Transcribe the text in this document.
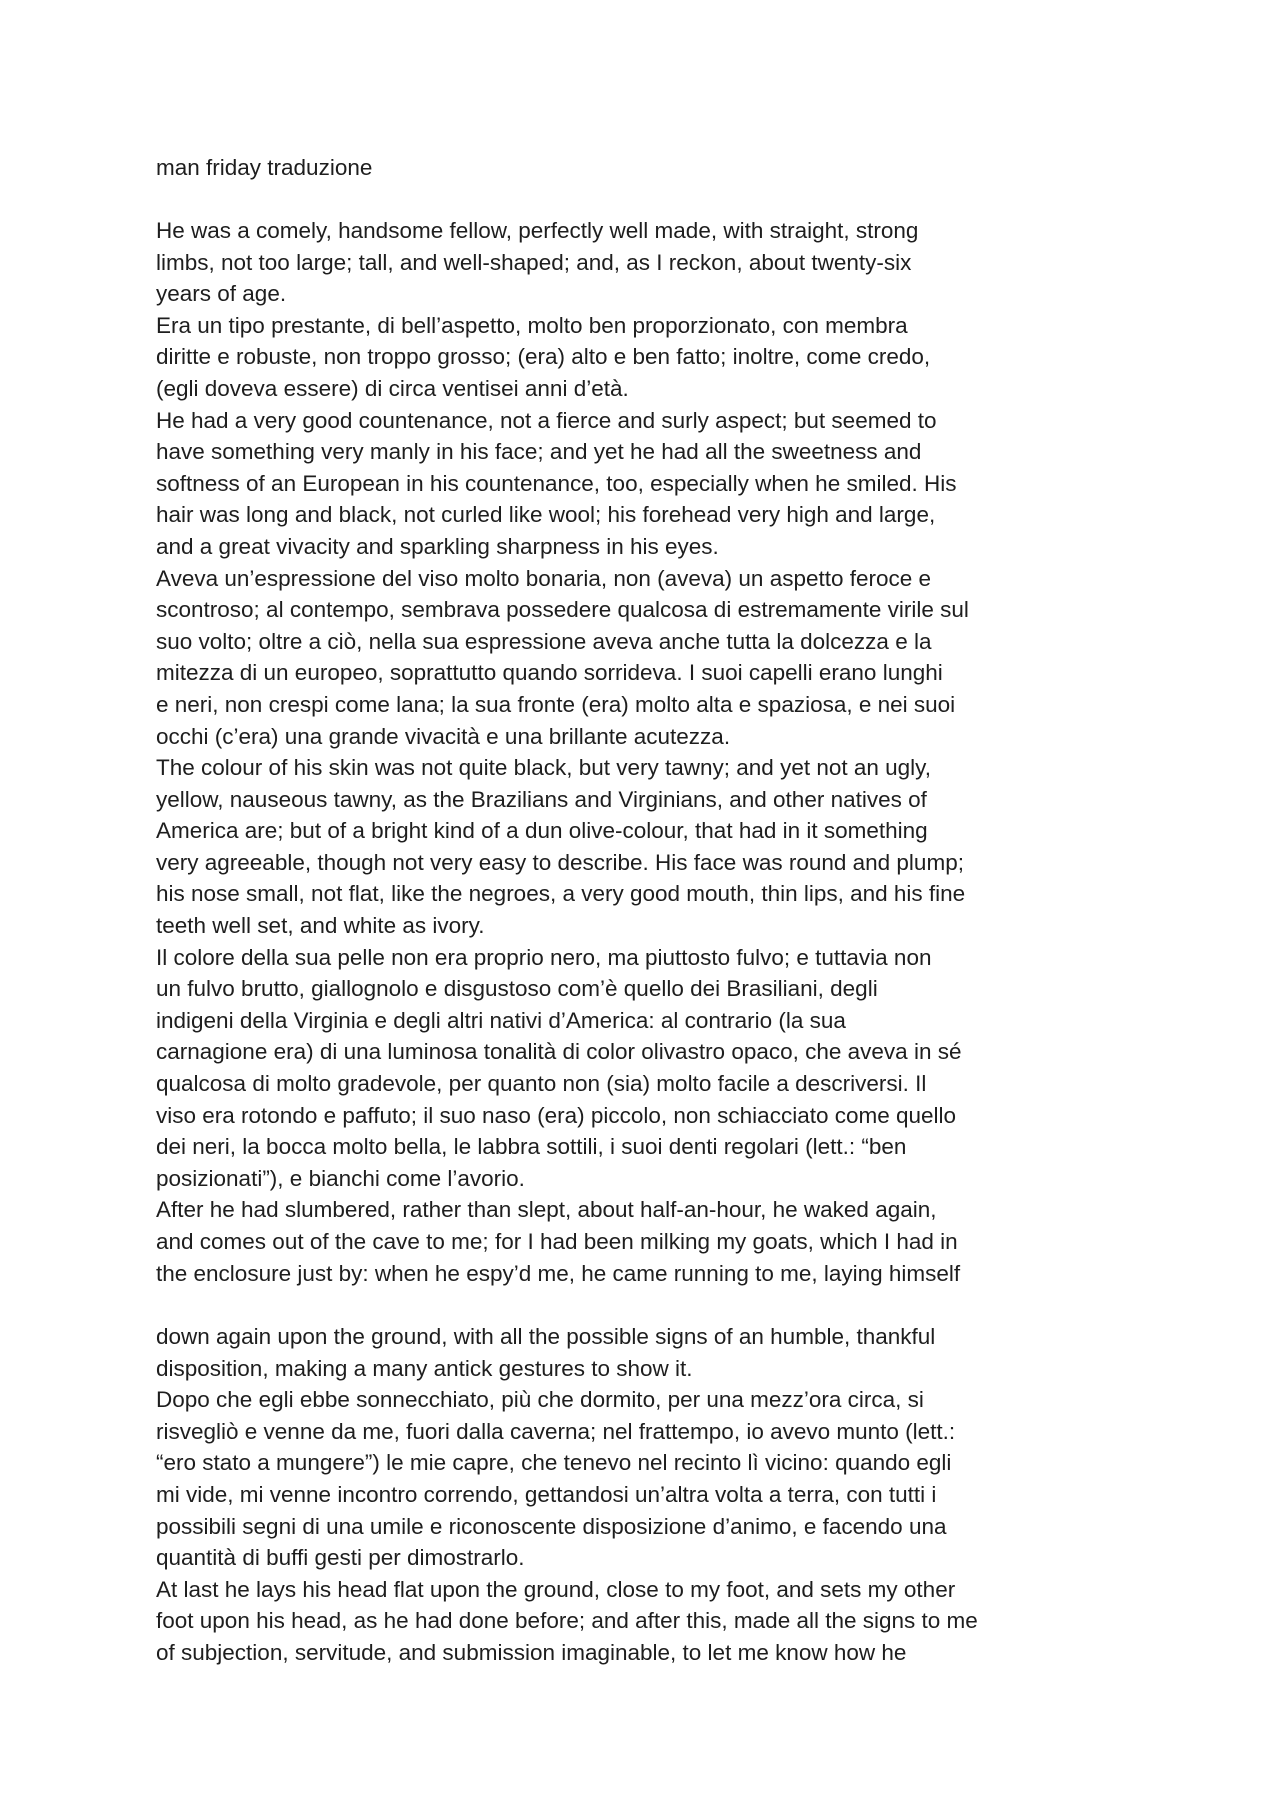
man friday traduzione
He was a comely, handsome fellow, perfectly well made, with straight, strong
limbs, not too large; tall, and well-shaped; and, as I reckon, about twenty-six
years of age.
Era un tipo prestante, di bell’aspetto, molto ben proporzionato, con membra
diritte e robuste, non troppo grosso; (era) alto e ben fatto; inoltre, come credo,
(egli doveva essere) di circa ventisei anni d’età.
He had a very good countenance, not a fierce and surly aspect; but seemed to
have something very manly in his face; and yet he had all the sweetness and
softness of an European in his countenance, too, especially when he smiled. His
hair was long and black, not curled like wool; his forehead very high and large,
and a great vivacity and sparkling sharpness in his eyes.
Aveva un’espressione del viso molto bonaria, non (aveva) un aspetto feroce e
scontroso; al contempo, sembrava possedere qualcosa di estremamente virile sul
suo volto; oltre a ciò, nella sua espressione aveva anche tutta la dolcezza e la
mitezza di un europeo, soprattutto quando sorrideva. I suoi capelli erano lunghi
e neri, non crespi come lana; la sua fronte (era) molto alta e spaziosa, e nei suoi
occhi (c’era) una grande vivacità e una brillante acutezza.
The colour of his skin was not quite black, but very tawny; and yet not an ugly,
yellow, nauseous tawny, as the Brazilians and Virginians, and other natives of
America are; but of a bright kind of a dun olive-colour, that had in it something
very agreeable, though not very easy to describe. His face was round and plump;
his nose small, not flat, like the negroes, a very good mouth, thin lips, and his fine
teeth well set, and white as ivory.
Il colore della sua pelle non era proprio nero, ma piuttosto fulvo; e tuttavia non
un fulvo brutto, giallognolo e disgustoso com’è quello dei Brasiliani, degli
indigeni della Virginia e degli altri nativi d’America: al contrario (la sua
carnagione era) di una luminosa tonalità di color olivastro opaco, che aveva in sé
qualcosa di molto gradevole, per quanto non (sia) molto facile a descriversi. Il
viso era rotondo e paffuto; il suo naso (era) piccolo, non schiacciato come quello
dei neri, la bocca molto bella, le labbra sottili, i suoi denti regolari (lett.: “ben
posizionati”), e bianchi come l’avorio.
After he had slumbered, rather than slept, about half-an-hour, he waked again,
and comes out of the cave to me; for I had been milking my goats, which I had in
the enclosure just by: when he espy’d me, he came running to me, laying himself
down again upon the ground, with all the possible signs of an humble, thankful
disposition, making a many antick gestures to show it.
Dopo che egli ebbe sonnecchiato, più che dormito, per una mezz’ora circa, si
risvegliò e venne da me, fuori dalla caverna; nel frattempo, io avevo munto (lett.:
“ero stato a mungere”) le mie capre, che tenevo nel recinto lì vicino: quando egli
mi vide, mi venne incontro correndo, gettandosi un’altra volta a terra, con tutti i
possibili segni di una umile e riconoscente disposizione d’animo, e facendo una
quantità di buffi gesti per dimostrarlo.
At last he lays his head flat upon the ground, close to my foot, and sets my other
foot upon his head, as he had done before; and after this, made all the signs to me
of subjection, servitude, and submission imaginable, to let me know how he
